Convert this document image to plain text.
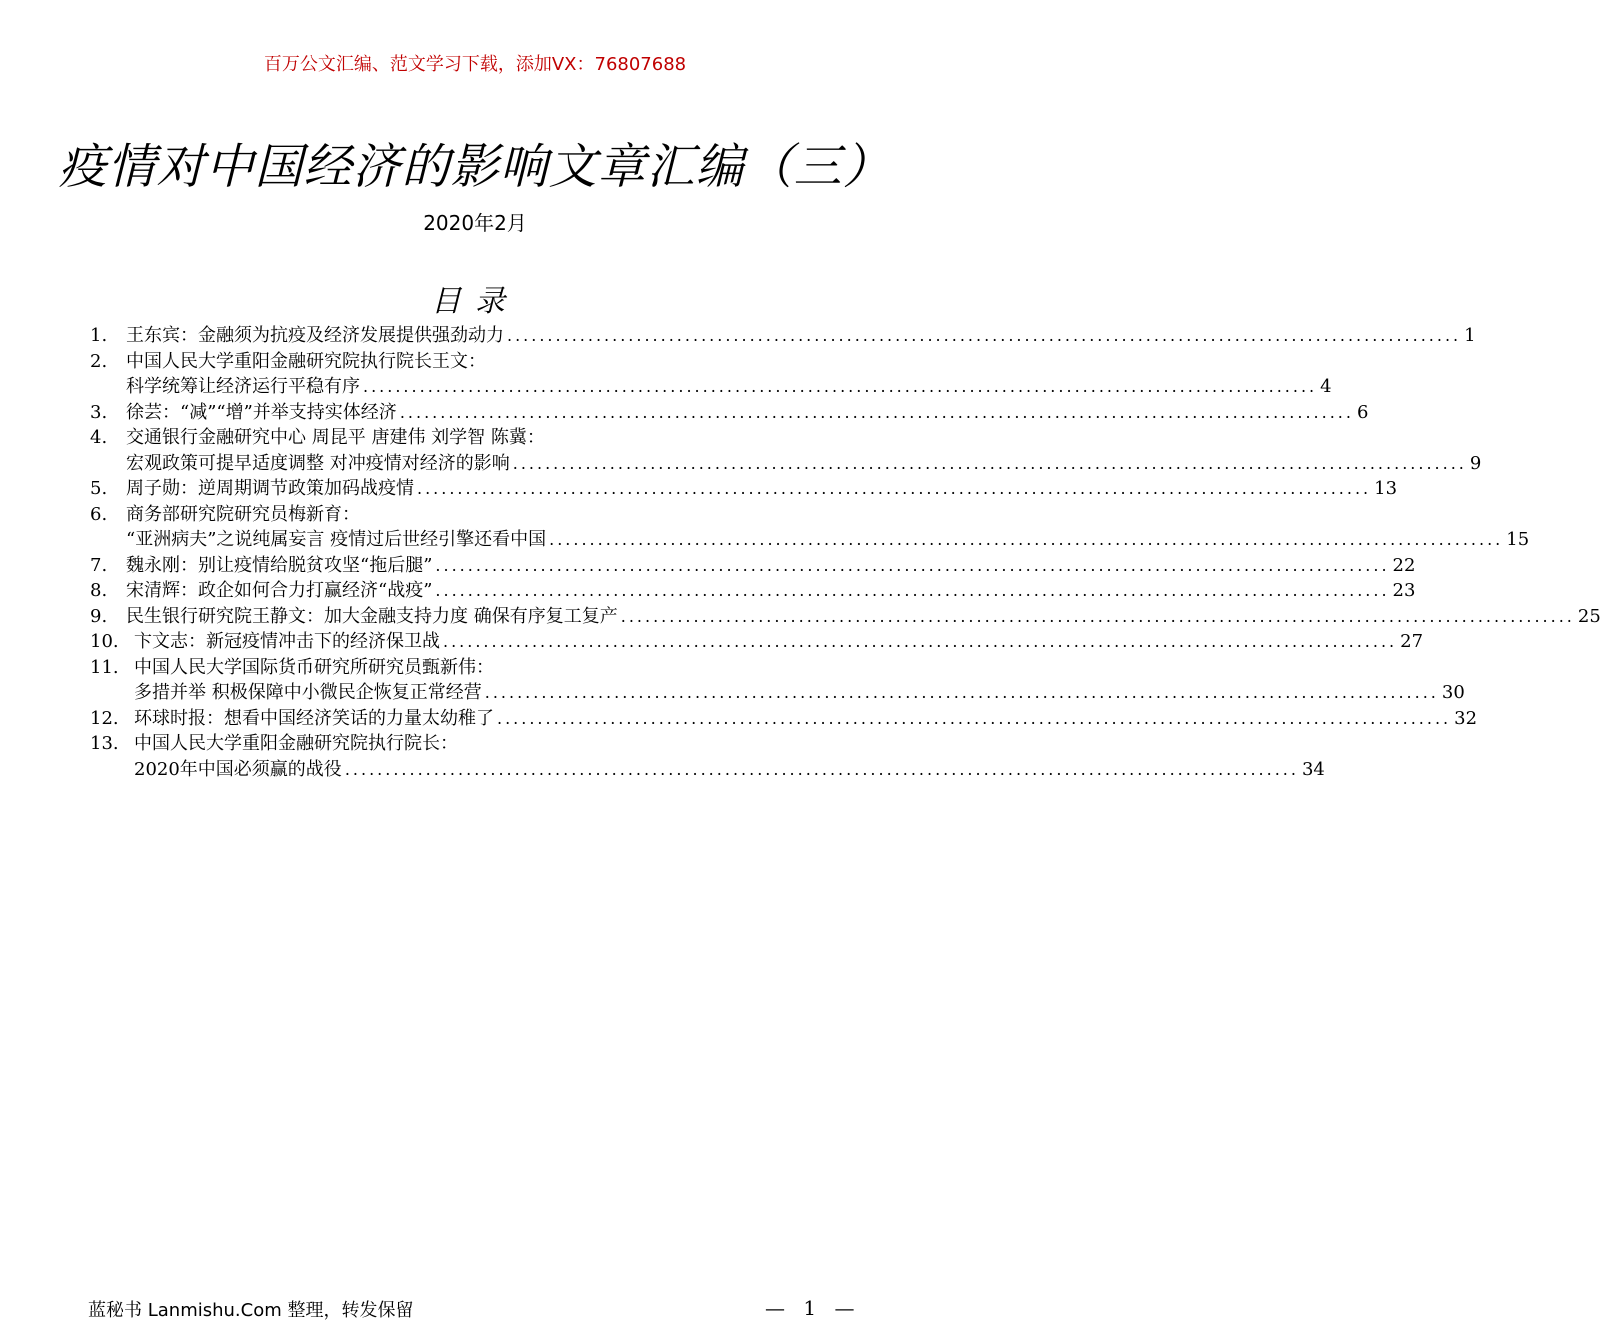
百万公文汇编、范文学习下载，添加VX：76807688
疫情对中国经济的影响文章汇编（三）
2020年2月
目录
1.	王东宾：金融须为抗疫及经济发展提供强劲动力 ...................................................................................................................... 1
2.	中国人民大学重阳金融研究院执行院长王文：
科学统筹让经济运行平稳有序 ...................................................................................................................... 4
3.	徐芸：“减”“增”并举支持实体经济 ...................................................................................................................... 6
4.	交通银行金融研究中心 周昆平 唐建伟 刘学智 陈冀：
宏观政策可提早适度调整 对冲疫情对经济的影响 ...................................................................................................................... 9
5.	周子勋：逆周期调节政策加码战疫情 ...................................................................................................................... 13
6.	商务部研究院研究员梅新育：
“亚洲病夫”之说纯属妄言 疫情过后世经引擎还看中国 ...................................................................................................................... 15
7.	魏永刚：别让疫情给脱贫攻坚“拖后腿” ...................................................................................................................... 22
8.	宋清辉：政企如何合力打赢经济“战疫” ...................................................................................................................... 23
9.	民生银行研究院王静文：加大金融支持力度 确保有序复工复产 ...................................................................................................................... 25
10. 卞文志：新冠疫情冲击下的经济保卫战 ...................................................................................................................... 27
11. 中国人民大学国际货币研究所研究员甄新伟：
多措并举 积极保障中小微民企恢复正常经营 ...................................................................................................................... 30
12. 环球时报：想看中国经济笑话的力量太幼稚了 ...................................................................................................................... 32
13. 中国人民大学重阳金融研究院执行院长：
2020年中国必须赢的战役 ...................................................................................................................... 34
蓝秘书 Lanmishu.Com 整理，转发保留	— 1 —
